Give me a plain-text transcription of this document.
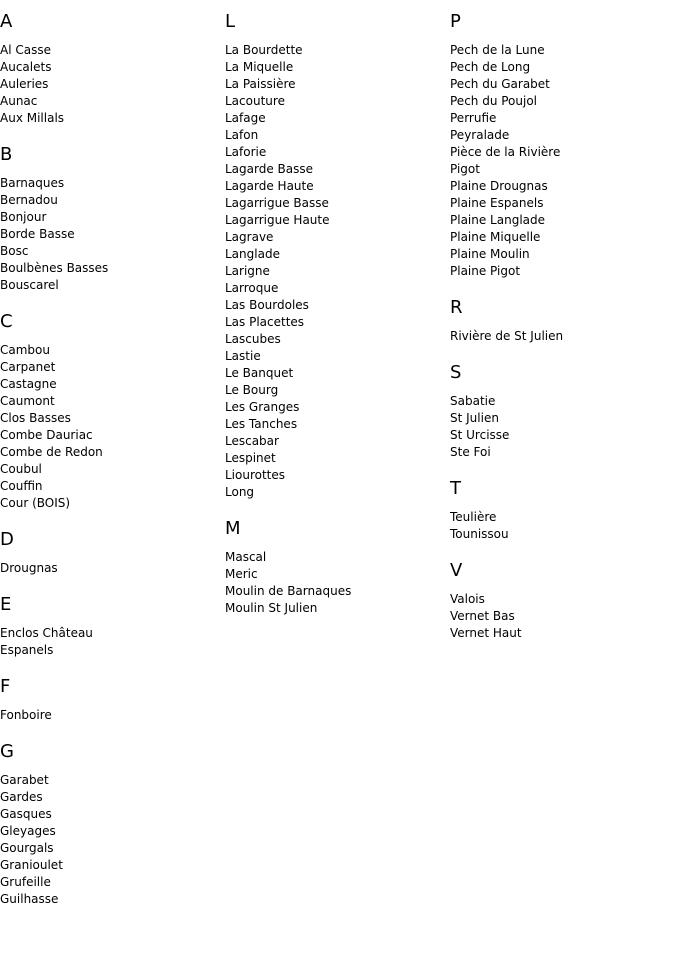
A
Al Casse
Aucalets
Auleries
Aunac
Aux Millals
B
Barnaques
Bernadou
Bonjour
Borde Basse
Bosc
Boulbènes Basses
Bouscarel
C
Cambou
Carpanet
Castagne
Caumont
Clos Basses
Combe Dauriac
Combe de Redon
Coubul
Couffin
Cour (BOIS)
D
Drougnas
E
Enclos Château
Espanels
F
Fonboire
G
Garabet
Gardes
Gasques
Gleyages
Gourgals
Granioulet
Grufeille
Guilhasse
L
La Bourdette
La Miquelle
La Paissière
Lacouture
Lafage
Lafon
Laforie
Lagarde Basse
Lagarde Haute
Lagarrigue Basse
Lagarrigue Haute
Lagrave
Langlade
Larigne
Larroque
Las Bourdoles
Las Placettes
Lascubes
Lastie
Le Banquet
Le Bourg
Les Granges
Les Tanches
Lescabar
Lespinet
Liourottes
Long
M
Mascal
Meric
Moulin de Barnaques
Moulin St Julien
P
Pech de la Lune
Pech de Long
Pech du Garabet
Pech du Poujol
Perrufie
Peyralade
Pièce de la Rivière
Pigot
Plaine Drougnas
Plaine Espanels
Plaine Langlade
Plaine Miquelle
Plaine Moulin
Plaine Pigot
R
Rivière de St Julien
S
Sabatie
St Julien
St Urcisse
Ste Foi
T
Teulière
Tounissou
V
Valois
Vernet Bas
Vernet Haut
